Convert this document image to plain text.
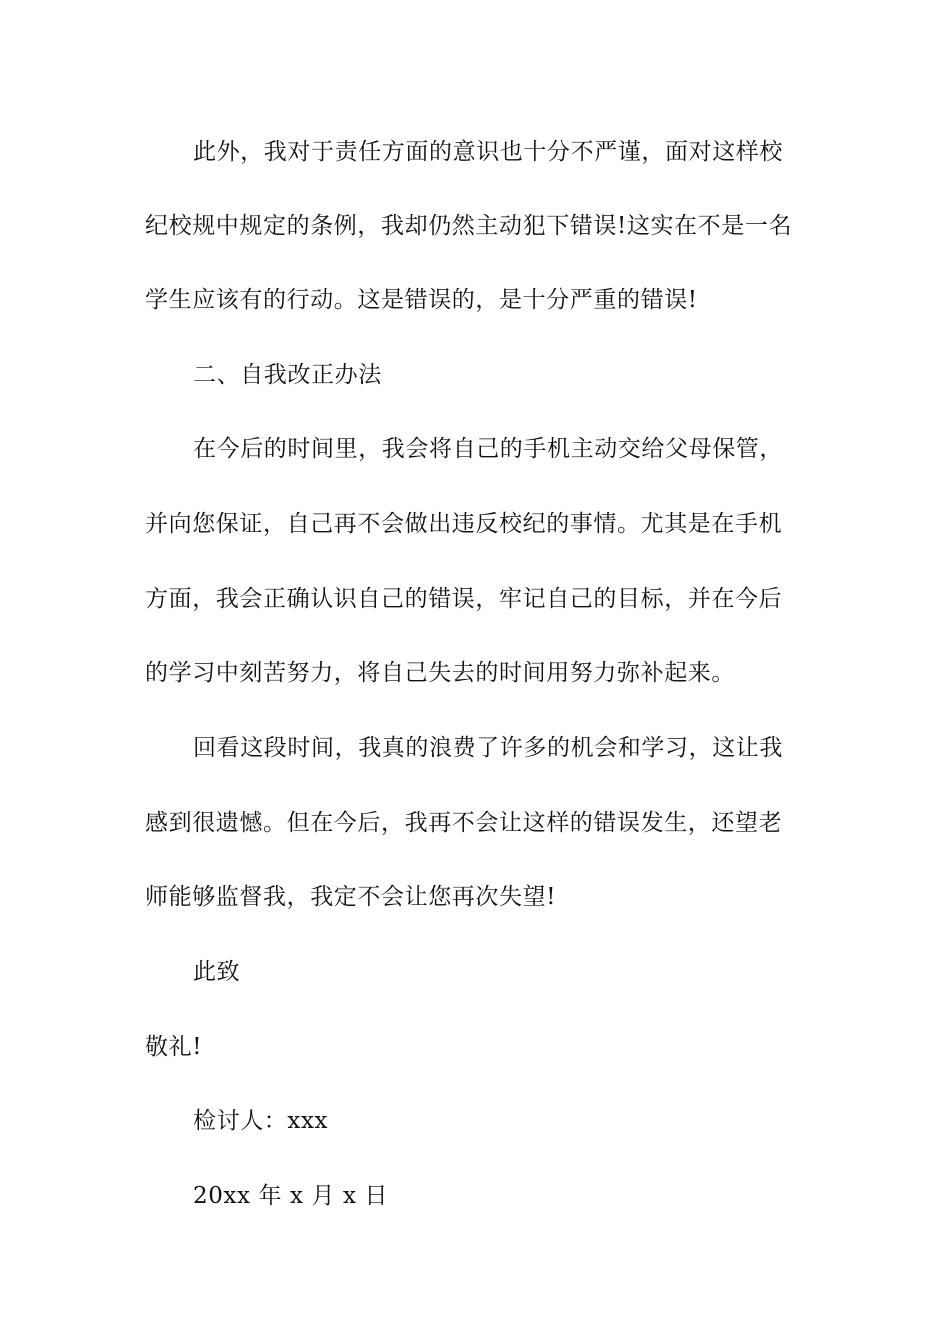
此外，我对于责任方面的意识也十分不严谨，面对这样校
纪校规中规定的条例，我却仍然主动犯下错误!这实在不是一名
学生应该有的行动。这是错误的，是十分严重的错误!
二、自我改正办法
在今后的时间里，我会将自己的手机主动交给父母保管，
并向您保证，自己再不会做出违反校纪的事情。尤其是在手机
方面，我会正确认识自己的错误，牢记自己的目标，并在今后
的学习中刻苦努力，将自己失去的时间用努力弥补起来。
回看这段时间，我真的浪费了许多的机会和学习，这让我
感到很遗憾。但在今后，我再不会让这样的错误发生，还望老
师能够监督我，我定不会让您再次失望!
此致
敬礼!
检讨人：xxx
20xx 年 x 月 x 日
